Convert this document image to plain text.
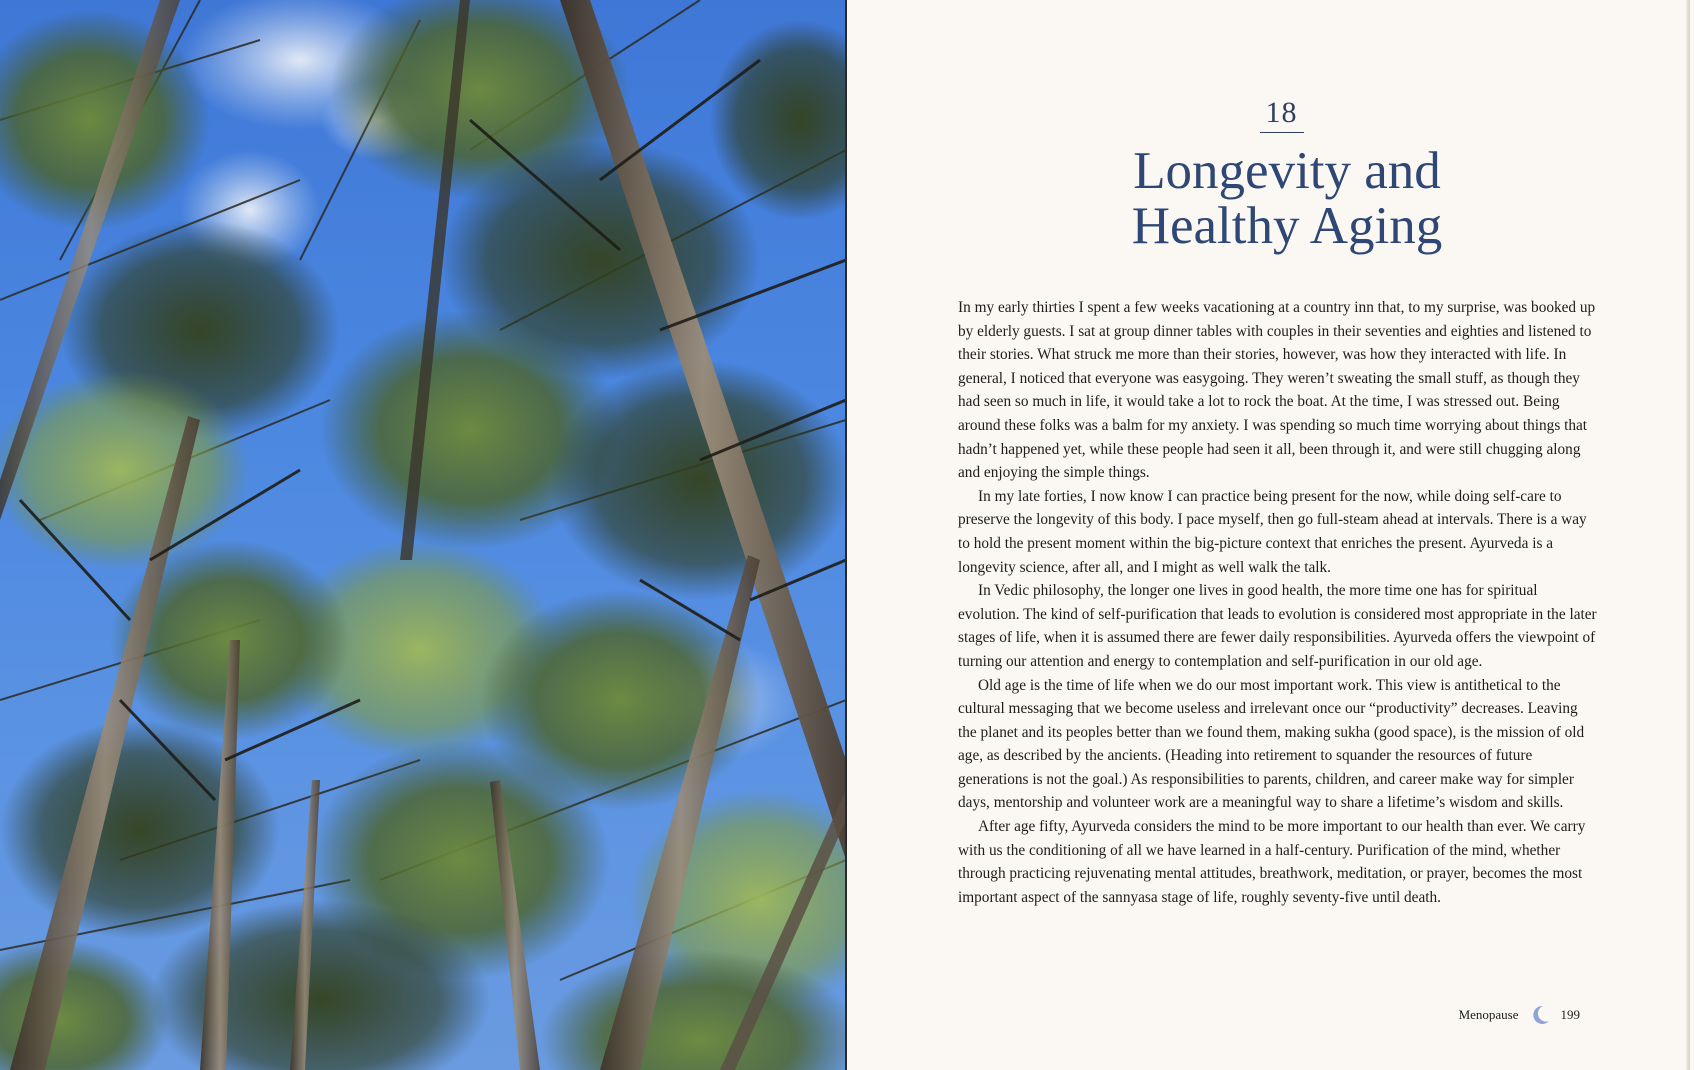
18
Longevity and
Healthy Aging

In my early thirties I spent a few weeks vacationing at a country inn that, to my surprise, was booked up by elderly guests. I sat at group dinner tables with couples in their seventies and eighties and listened to their stories. What struck me more than their stories, however, was how they interacted with life. In general, I noticed that everyone was easygoing. They weren’t sweating the small stuff, as though they had seen so much in life, it would take a lot to rock the boat. At the time, I was stressed out. Being around these folks was a balm for my anxiety. I was spending so much time worrying about things that hadn’t happened yet, while these people had seen it all, been through it, and were still chugging along and enjoying the simple things.

In my late forties, I now know I can practice being present for the now, while doing self-care to preserve the longevity of this body. I pace myself, then go full-steam ahead at intervals. There is a way to hold the present moment within the big-picture context that enriches the present. Ayurveda is a longevity science, after all, and I might as well walk the talk.

In Vedic philosophy, the longer one lives in good health, the more time one has for spiritual evolution. The kind of self-purification that leads to evolution is considered most appropriate in the later stages of life, when it is assumed there are fewer daily responsibilities. Ayurveda offers the viewpoint of turning our attention and energy to contemplation and self-purification in our old age.

Old age is the time of life when we do our most important work. This view is antithetical to the cultural messaging that we become useless and irrelevant once our “productivity” decreases. Leaving the planet and its peoples better than we found them, making sukha (good space), is the mission of old age, as described by the ancients. (Heading into retirement to squander the resources of future generations is not the goal.) As responsibilities to parents, children, and career make way for simpler days, mentorship and volunteer work are a meaningful way to share a lifetime’s wisdom and skills.

After age fifty, Ayurveda considers the mind to be more important to our health than ever. We carry with us the conditioning of all we have learned in a half-century. Purification of the mind, whether through practicing rejuvenating mental attitudes, breathwork, meditation, or prayer, becomes the most important aspect of the sannyasa stage of life, roughly seventy-five until death.

Menopause	199
